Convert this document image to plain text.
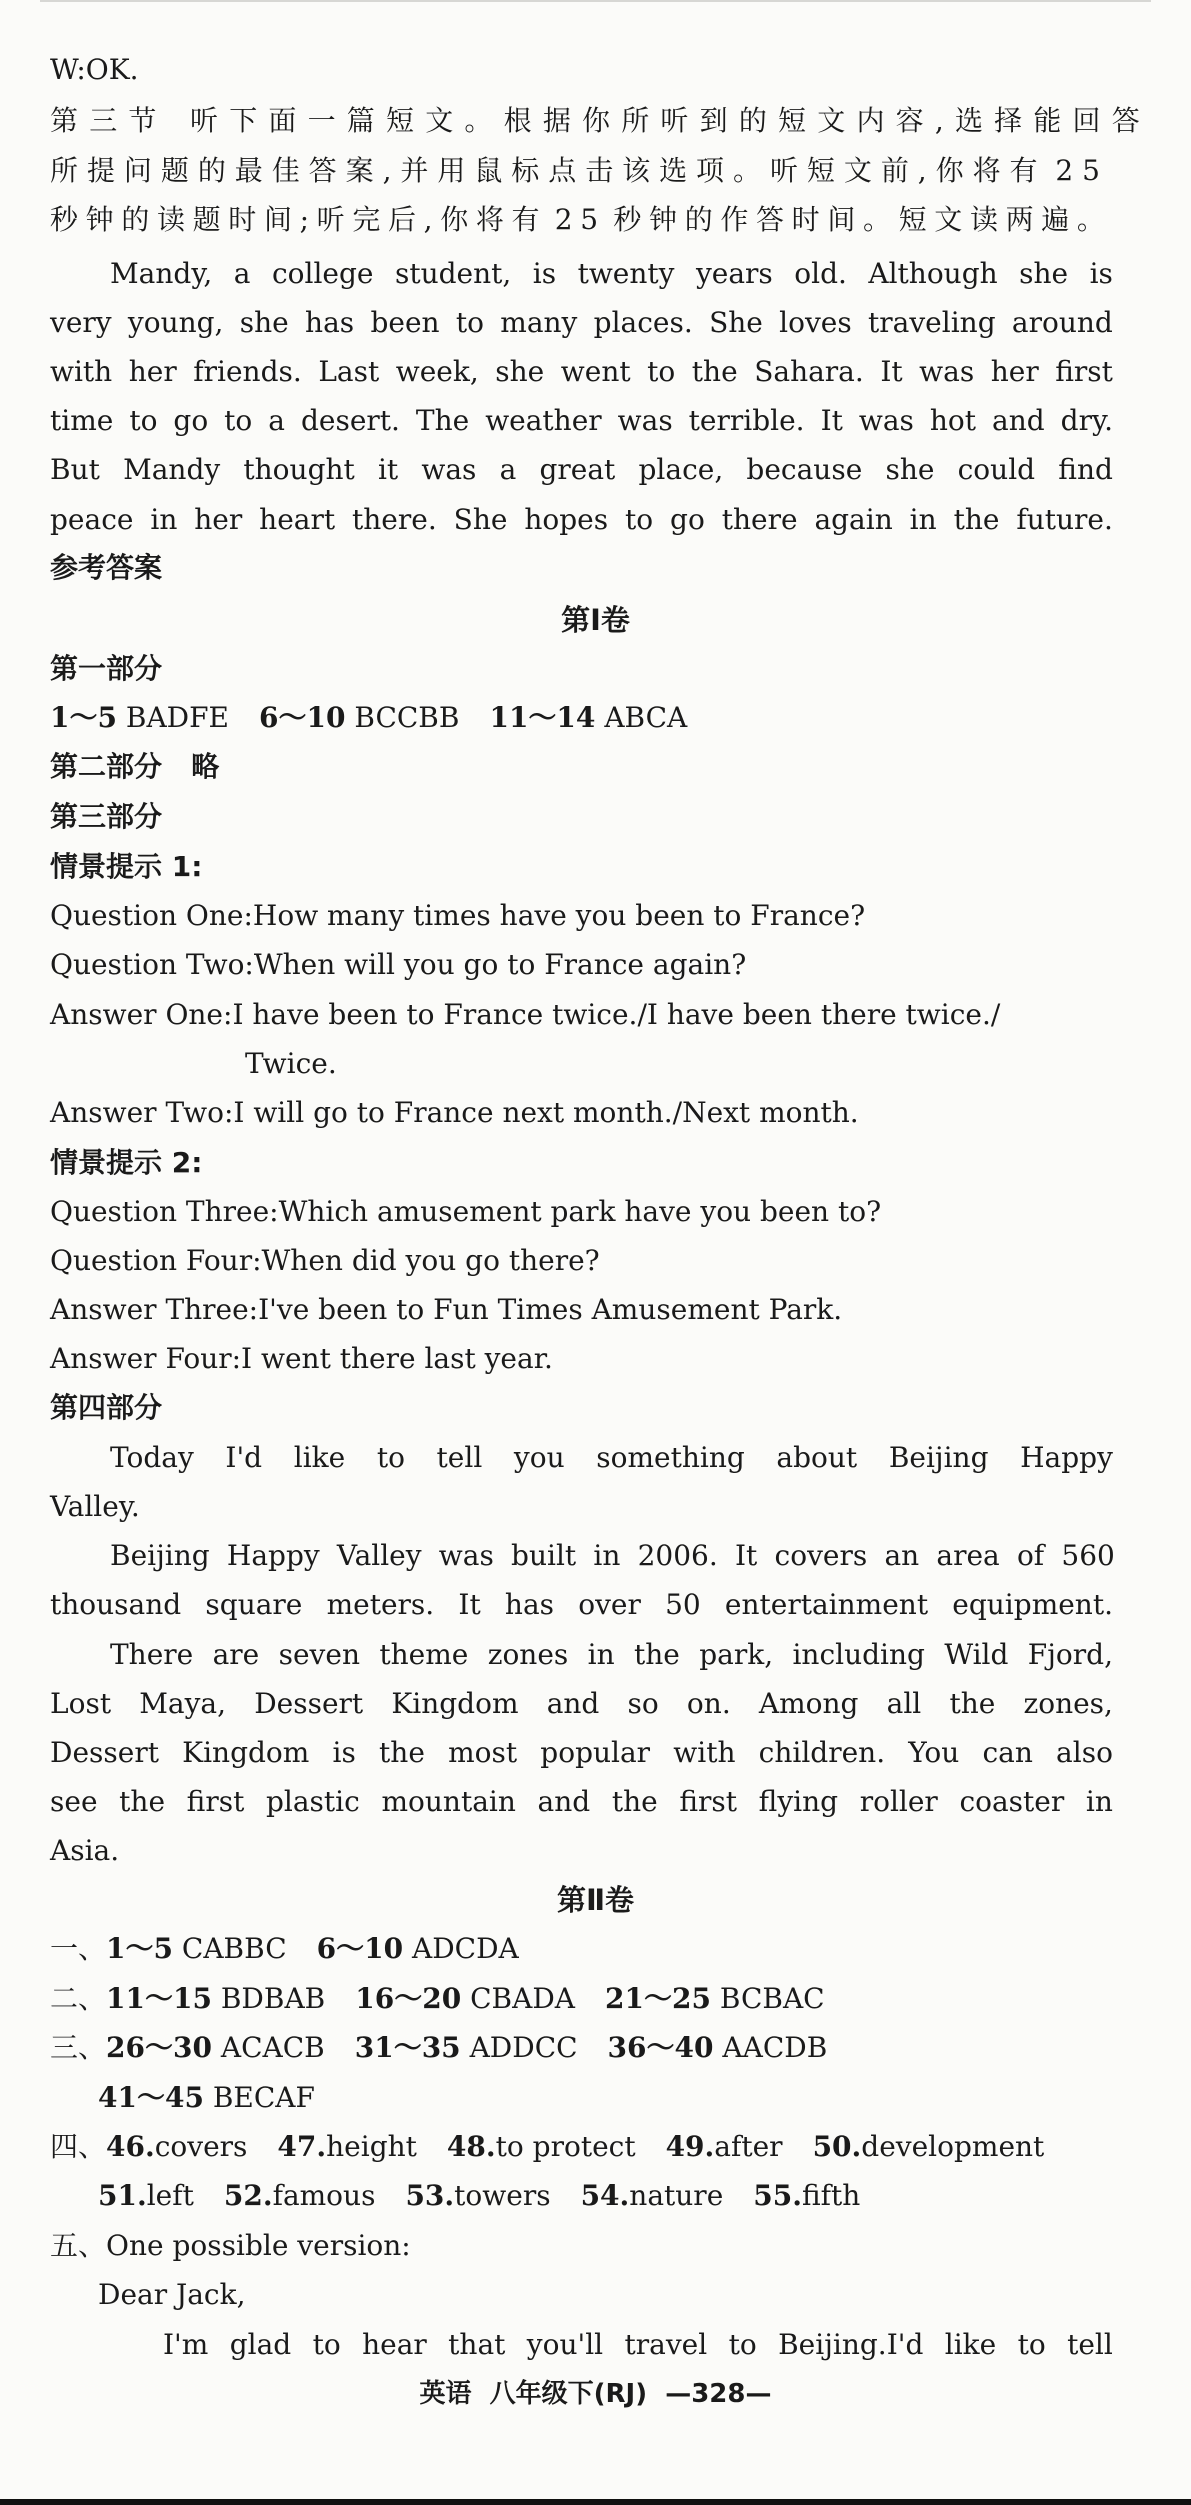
W:OK.
第 三 节 听 下 面 一 篇 短 文 。 根 据 你 所 听 到 的 短 文 内 容 , 选 择 能 回 答
所 提 问 题 的 最 佳 答 案 , 并 用 鼠 标 点 击 该 选 项 。 听 短 文 前 , 你 将 有 2 5
秒 钟 的 读 题 时 间 ; 听 完 后 , 你 将 有 2 5 秒 钟 的 作 答 时 间 。 短 文 读 两 遍 。
Mandy, a college student, is twenty years old. Although she is
very young, she has been to many places. She loves traveling around
with her friends. Last week, she went to the Sahara. It was her first
time to go to a desert. The weather was terrible. It was hot and dry.
But Mandy thought it was a great place, because she could find
peace in her heart there. She hopes to go there again in the future.
参考答案
第Ⅰ卷
第一部分
1～5 BADFE 6～10 BCCBB 11～14 ABCA
第二部分 略
第三部分
情景提示 1:
Question One:How many times have you been to France?
Question Two:When will you go to France again?
Answer One:I have been to France twice./I have been there twice./
Twice.
Answer Two:I will go to France next month./Next month.
情景提示 2:
Question Three:Which amusement park have you been to?
Question Four:When did you go there?
Answer Three:I've been to Fun Times Amusement Park.
Answer Four:I went there last year.
第四部分
Today I'd like to tell you something about Beijing Happy
Valley.
Beijing Happy Valley was built in 2006. It covers an area of 560
thousand square meters. It has over 50 entertainment equipment.
There are seven theme zones in the park, including Wild Fjord,
Lost Maya, Dessert Kingdom and so on. Among all the zones,
Dessert Kingdom is the most popular with children. You can also
see the first plastic mountain and the first flying roller coaster in
Asia.
第Ⅱ卷
一、1～5 CABBC 6～10 ADCDA
二、11～15 BDBAB 16～20 CBADA 21～25 BCBAC
三、26～30 ACACB 31～35 ADDCC 36～40 AACDB
41～45 BECAF
四、46.covers 47.height 48.to protect 49.after 50.development
51.left 52.famous 53.towers 54.nature 55.fifth
五、One possible version:
Dear Jack,
I'm glad to hear that you'll travel to Beijing.I'd like to tell
英语 八年级下(RJ) —328—
